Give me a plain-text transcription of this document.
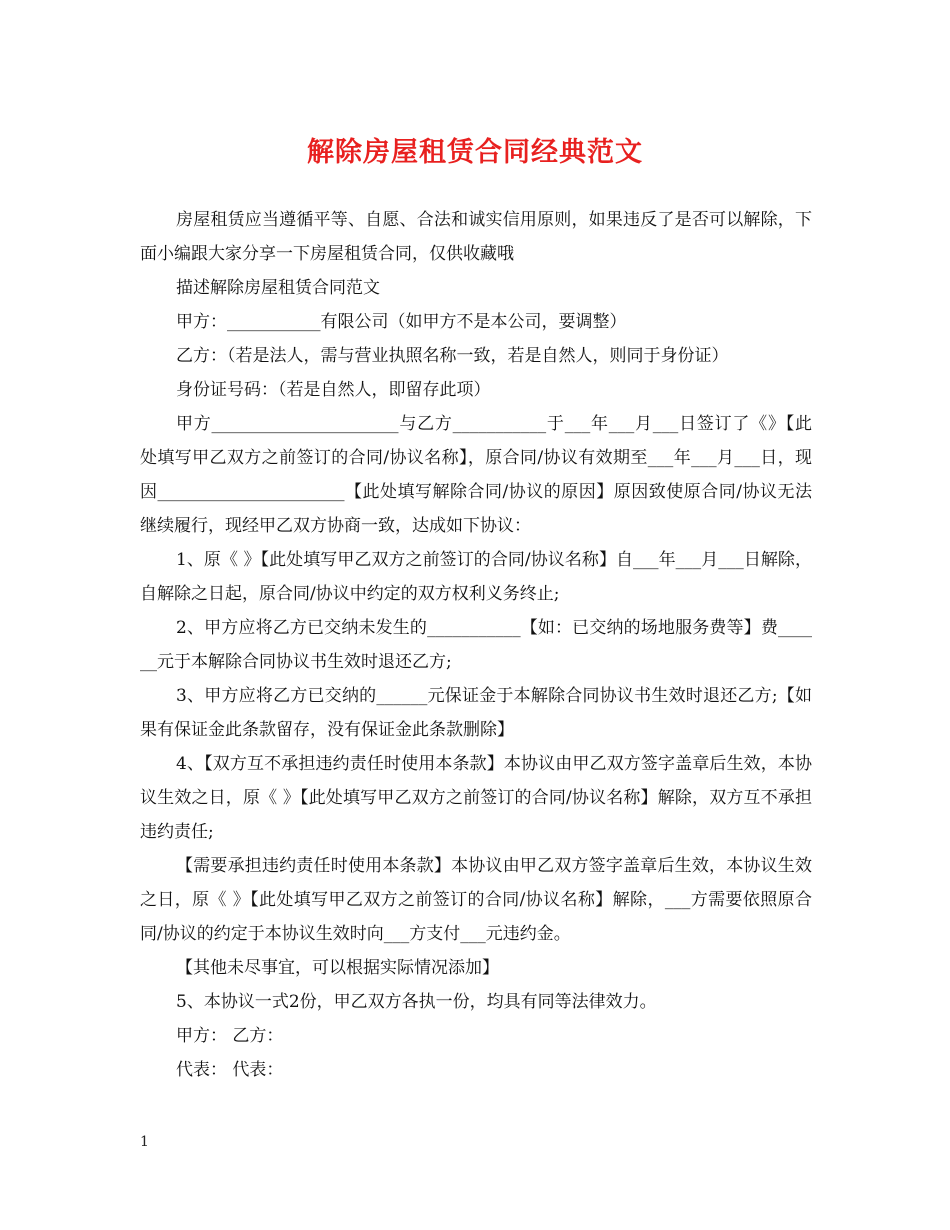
解除房屋租赁合同经典范文

房屋租赁应当遵循平等、自愿、合法和诚实信用原则，如果违反了是否可以解除，下面小编跟大家分享一下房屋租赁合同，仅供收藏哦

描述解除房屋租赁合同范文

甲方：___________有限公司（如甲方不是本公司，要调整）

乙方：（若是法人，需与营业执照名称一致，若是自然人，则同于身份证）

身份证号码：（若是自然人，即留存此项）

甲方______________________与乙方___________于___年___月___日签订了《》【此处填写甲乙双方之前签订的合同/协议名称】，原合同/协议有效期至___年___月___日，现因______________________【此处填写解除合同/协议的原因】原因致使原合同/协议无法继续履行，现经甲乙双方协商一致，达成如下协议：

1、原《 》【此处填写甲乙双方之前签订的合同/协议名称】自___年___月___日解除，自解除之日起，原合同/协议中约定的双方权利义务终止;

2、甲方应将乙方已交纳未发生的___________【如：已交纳的场地服务费等】费______元于本解除合同协议书生效时退还乙方;

3、甲方应将乙方已交纳的______元保证金于本解除合同协议书生效时退还乙方;【如果有保证金此条款留存，没有保证金此条款删除】

4、【双方互不承担违约责任时使用本条款】本协议由甲乙双方签字盖章后生效，本协议生效之日，原《 》【此处填写甲乙双方之前签订的合同/协议名称】解除，双方互不承担违约责任;

【需要承担违约责任时使用本条款】本协议由甲乙双方签字盖章后生效，本协议生效之日，原《 》【此处填写甲乙双方之前签订的合同/协议名称】解除，___方需要依照原合同/协议的约定于本协议生效时向___方支付___元违约金。

【其他未尽事宜，可以根据实际情况添加】

5、本协议一式2份，甲乙双方各执一份，均具有同等法律效力。

甲方： 乙方：

代表： 代表：

1
